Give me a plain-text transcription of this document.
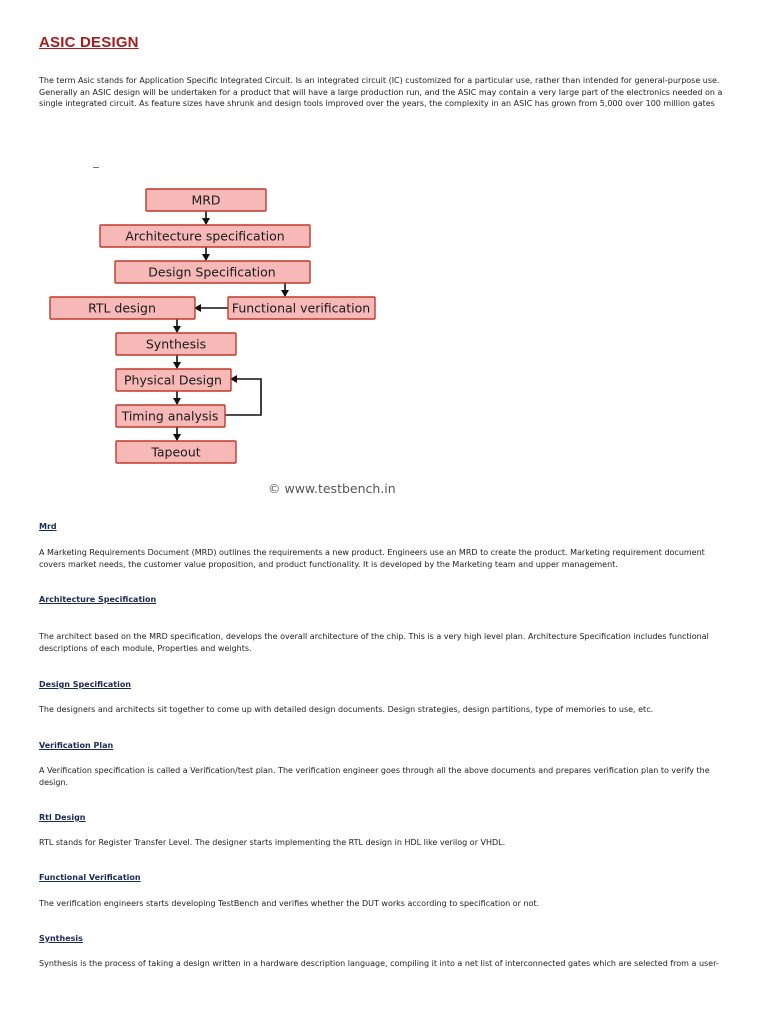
ASIC DESIGN

The term Asic stands for Application Specific Integrated Circuit. Is an integrated circuit (IC) customized for a particular use, rather than intended for general-purpose use. Generally an ASIC design will be undertaken for a product that will have a large production run, and the ASIC may contain a very large part of the electronics needed on a single integrated circuit. As feature sizes have shrunk and design tools improved over the years, the complexity in an ASIC has grown from 5,000 over 100 million gates

MRD
Architecture specification
Design Specification
RTL design	Functional verification
Synthesis
Physical Design
Timing analysis
Tapeout

© www.testbench.in

Mrd

A Marketing Requirements Document (MRD) outlines the requirements a new product. Engineers use an MRD to create the product. Marketing requirement document covers market needs, the customer value proposition, and product functionality. It is developed by the Marketing team and upper management.

Architecture Specification

The architect based on the MRD specification, develops the overall architecture of the chip. This is a very high level plan. Architecture Specification includes functional descriptions of each module, Properties and weights.

Design Specification

The designers and architects sit together to come up with detailed design documents. Design strategies, design partitions, type of memories to use, etc.

Verification Plan

A Verification specification is called a Verification/test plan. The verification engineer goes through all the above documents and prepares verification plan to verify the design.

Rtl Design

RTL stands for Register Transfer Level. The designer starts implementing the RTL design in HDL like verilog or VHDL.

Functional Verification

The verification engineers starts developing TestBench and verifies whether the DUT works according to specification or not.

Synthesis

Synthesis is the process of taking a design written in a hardware description language, compiling it into a net list of interconnected gates which are selected from a user-
